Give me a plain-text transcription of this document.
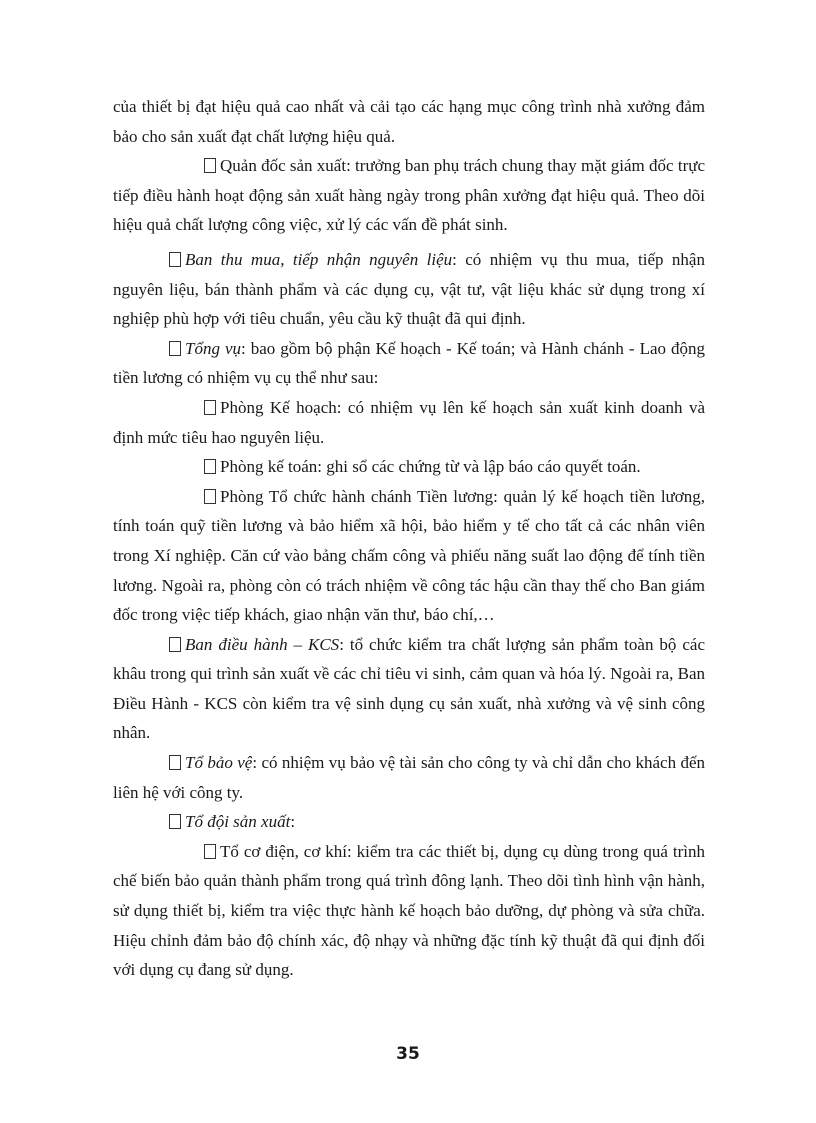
của thiết bị đạt hiệu quả cao nhất và cải tạo các hạng mục công trình nhà xưởng đảm bảo cho sản xuất đạt chất lượng hiệu quả.

Quản đốc sản xuất: trưởng ban phụ trách chung thay mặt giám đốc trực tiếp điều hành hoạt động sản xuất hàng ngày trong phân xưởng đạt hiệu quả. Theo dõi hiệu quả chất lượng công việc, xử lý các vấn đề phát sinh.

Ban thu mua, tiếp nhận nguyên liệu: có nhiệm vụ thu mua, tiếp nhận nguyên liệu, bán thành phẩm và các dụng cụ, vật tư, vật liệu khác sử dụng trong xí nghiệp phù hợp với tiêu chuẩn, yêu cầu kỹ thuật đã qui định.

Tổng vụ: bao gồm bộ phận Kế hoạch - Kế toán; và Hành chánh - Lao động tiền lương có nhiệm vụ cụ thể như sau:

Phòng Kế hoạch: có nhiệm vụ lên kế hoạch sản xuất kinh doanh và định mức tiêu hao nguyên liệu.

Phòng kế toán: ghi sổ các chứng từ và lập báo cáo quyết toán.

Phòng Tổ chức hành chánh Tiền lương: quản lý kế hoạch tiền lương, tính toán quỹ tiền lương và bảo hiểm xã hội, bảo hiểm y tế cho tất cả các nhân viên trong Xí nghiệp. Căn cứ vào bảng chấm công và phiếu năng suất lao động để tính tiền lương. Ngoài ra, phòng còn có trách nhiệm về công tác hậu cần thay thế cho Ban giám đốc trong việc tiếp khách, giao nhận văn thư, báo chí,…

Ban điều hành – KCS: tổ chức kiểm tra chất lượng sản phẩm toàn bộ các khâu trong qui trình sản xuất về các chỉ tiêu vi sinh, cảm quan và hóa lý. Ngoài ra, Ban Điều Hành - KCS còn kiểm tra vệ sinh dụng cụ sản xuất, nhà xưởng và vệ sinh công nhân.

Tổ bảo vệ: có nhiệm vụ bảo vệ tài sản cho công ty và chỉ dẫn cho khách đến liên hệ với công ty.

Tổ đội sản xuất:

Tổ cơ điện, cơ khí: kiểm tra các thiết bị, dụng cụ dùng trong quá trình chế biến bảo quản thành phẩm trong quá trình đông lạnh. Theo dõi tình hình vận hành, sử dụng thiết bị, kiểm tra việc thực hành kế hoạch bảo dưỡng, dự phòng và sửa chữa. Hiệu chỉnh đảm bảo độ chính xác, độ nhạy và những đặc tính kỹ thuật đã qui định đối với dụng cụ đang sử dụng.

35
